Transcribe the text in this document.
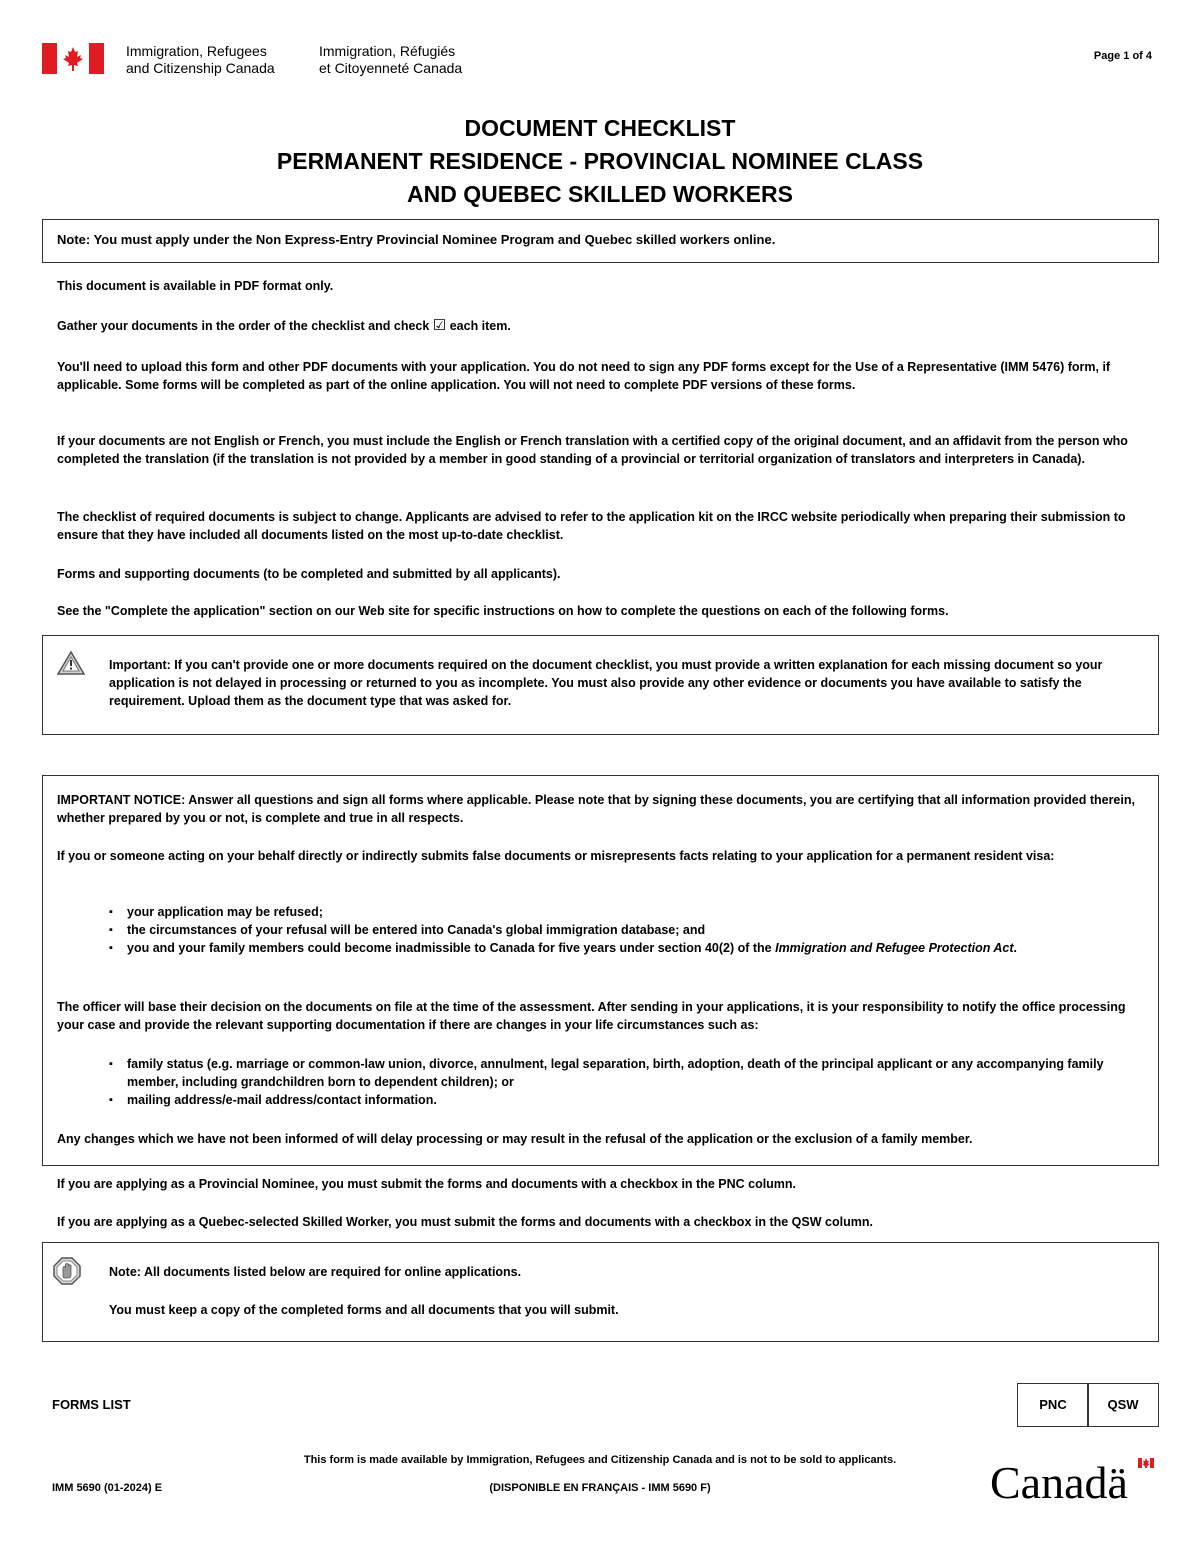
Immigration, Refugees
and Citizenship Canada
Immigration, Réfugiés
et Citoyenneté Canada
Page 1 of 4
DOCUMENT CHECKLIST
PERMANENT RESIDENCE - PROVINCIAL NOMINEE CLASS
AND QUEBEC SKILLED WORKERS

Note: You must apply under the Non Express-Entry Provincial Nominee Program and Quebec skilled workers online.

This document is available in PDF format only.

Gather your documents in the order of the checklist and check ☑ each item.

You'll need to upload this form and other PDF documents with your application. You do not need to sign any PDF forms except for the Use of a Representative (IMM 5476) form, if applicable. Some forms will be completed as part of the online application. You will not need to complete PDF versions of these forms.

If your documents are not English or French, you must include the English or French translation with a certified copy of the original document, and an affidavit from the person who completed the translation (if the translation is not provided by a member in good standing of a provincial or territorial organization of translators and interpreters in Canada).

The checklist of required documents is subject to change. Applicants are advised to refer to the application kit on the IRCC website periodically when preparing their submission to ensure that they have included all documents listed on the most up-to-date checklist.

Forms and supporting documents (to be completed and submitted by all applicants).

See the "Complete the application" section on our Web site for specific instructions on how to complete the questions on each of the following forms.

Important: If you can't provide one or more documents required on the document checklist, you must provide a written explanation for each missing document so your application is not delayed in processing or returned to you as incomplete. You must also provide any other evidence or documents you have available to satisfy the requirement. Upload them as the document type that was asked for.

IMPORTANT NOTICE: Answer all questions and sign all forms where applicable. Please note that by signing these documents, you are certifying that all information provided therein, whether prepared by you or not, is complete and true in all respects.

If you or someone acting on your behalf directly or indirectly submits false documents or misrepresents facts relating to your application for a permanent resident visa:

▪ your application may be refused;
▪ the circumstances of your refusal will be entered into Canada's global immigration database; and
▪ you and your family members could become inadmissible to Canada for five years under section 40(2) of the Immigration and Refugee Protection Act.

The officer will base their decision on the documents on file at the time of the assessment. After sending in your applications, it is your responsibility to notify the office processing your case and provide the relevant supporting documentation if there are changes in your life circumstances such as:

▪ family status (e.g. marriage or common-law union, divorce, annulment, legal separation, birth, adoption, death of the principal applicant or any accompanying family member, including grandchildren born to dependent children); or
▪ mailing address/e-mail address/contact information.

Any changes which we have not been informed of will delay processing or may result in the refusal of the application or the exclusion of a family member.

If you are applying as a Provincial Nominee, you must submit the forms and documents with a checkbox in the PNC column.

If you are applying as a Quebec-selected Skilled Worker, you must submit the forms and documents with a checkbox in the QSW column.

Note: All documents listed below are required for online applications.

You must keep a copy of the completed forms and all documents that you will submit.

FORMS LIST	PNC	QSW
This form is made available by Immigration, Refugees and Citizenship Canada and is not to be sold to applicants.
(DISPONIBLE EN FRANÇAIS - IMM 5690 F)
IMM 5690 (01-2024) E	Canadä
